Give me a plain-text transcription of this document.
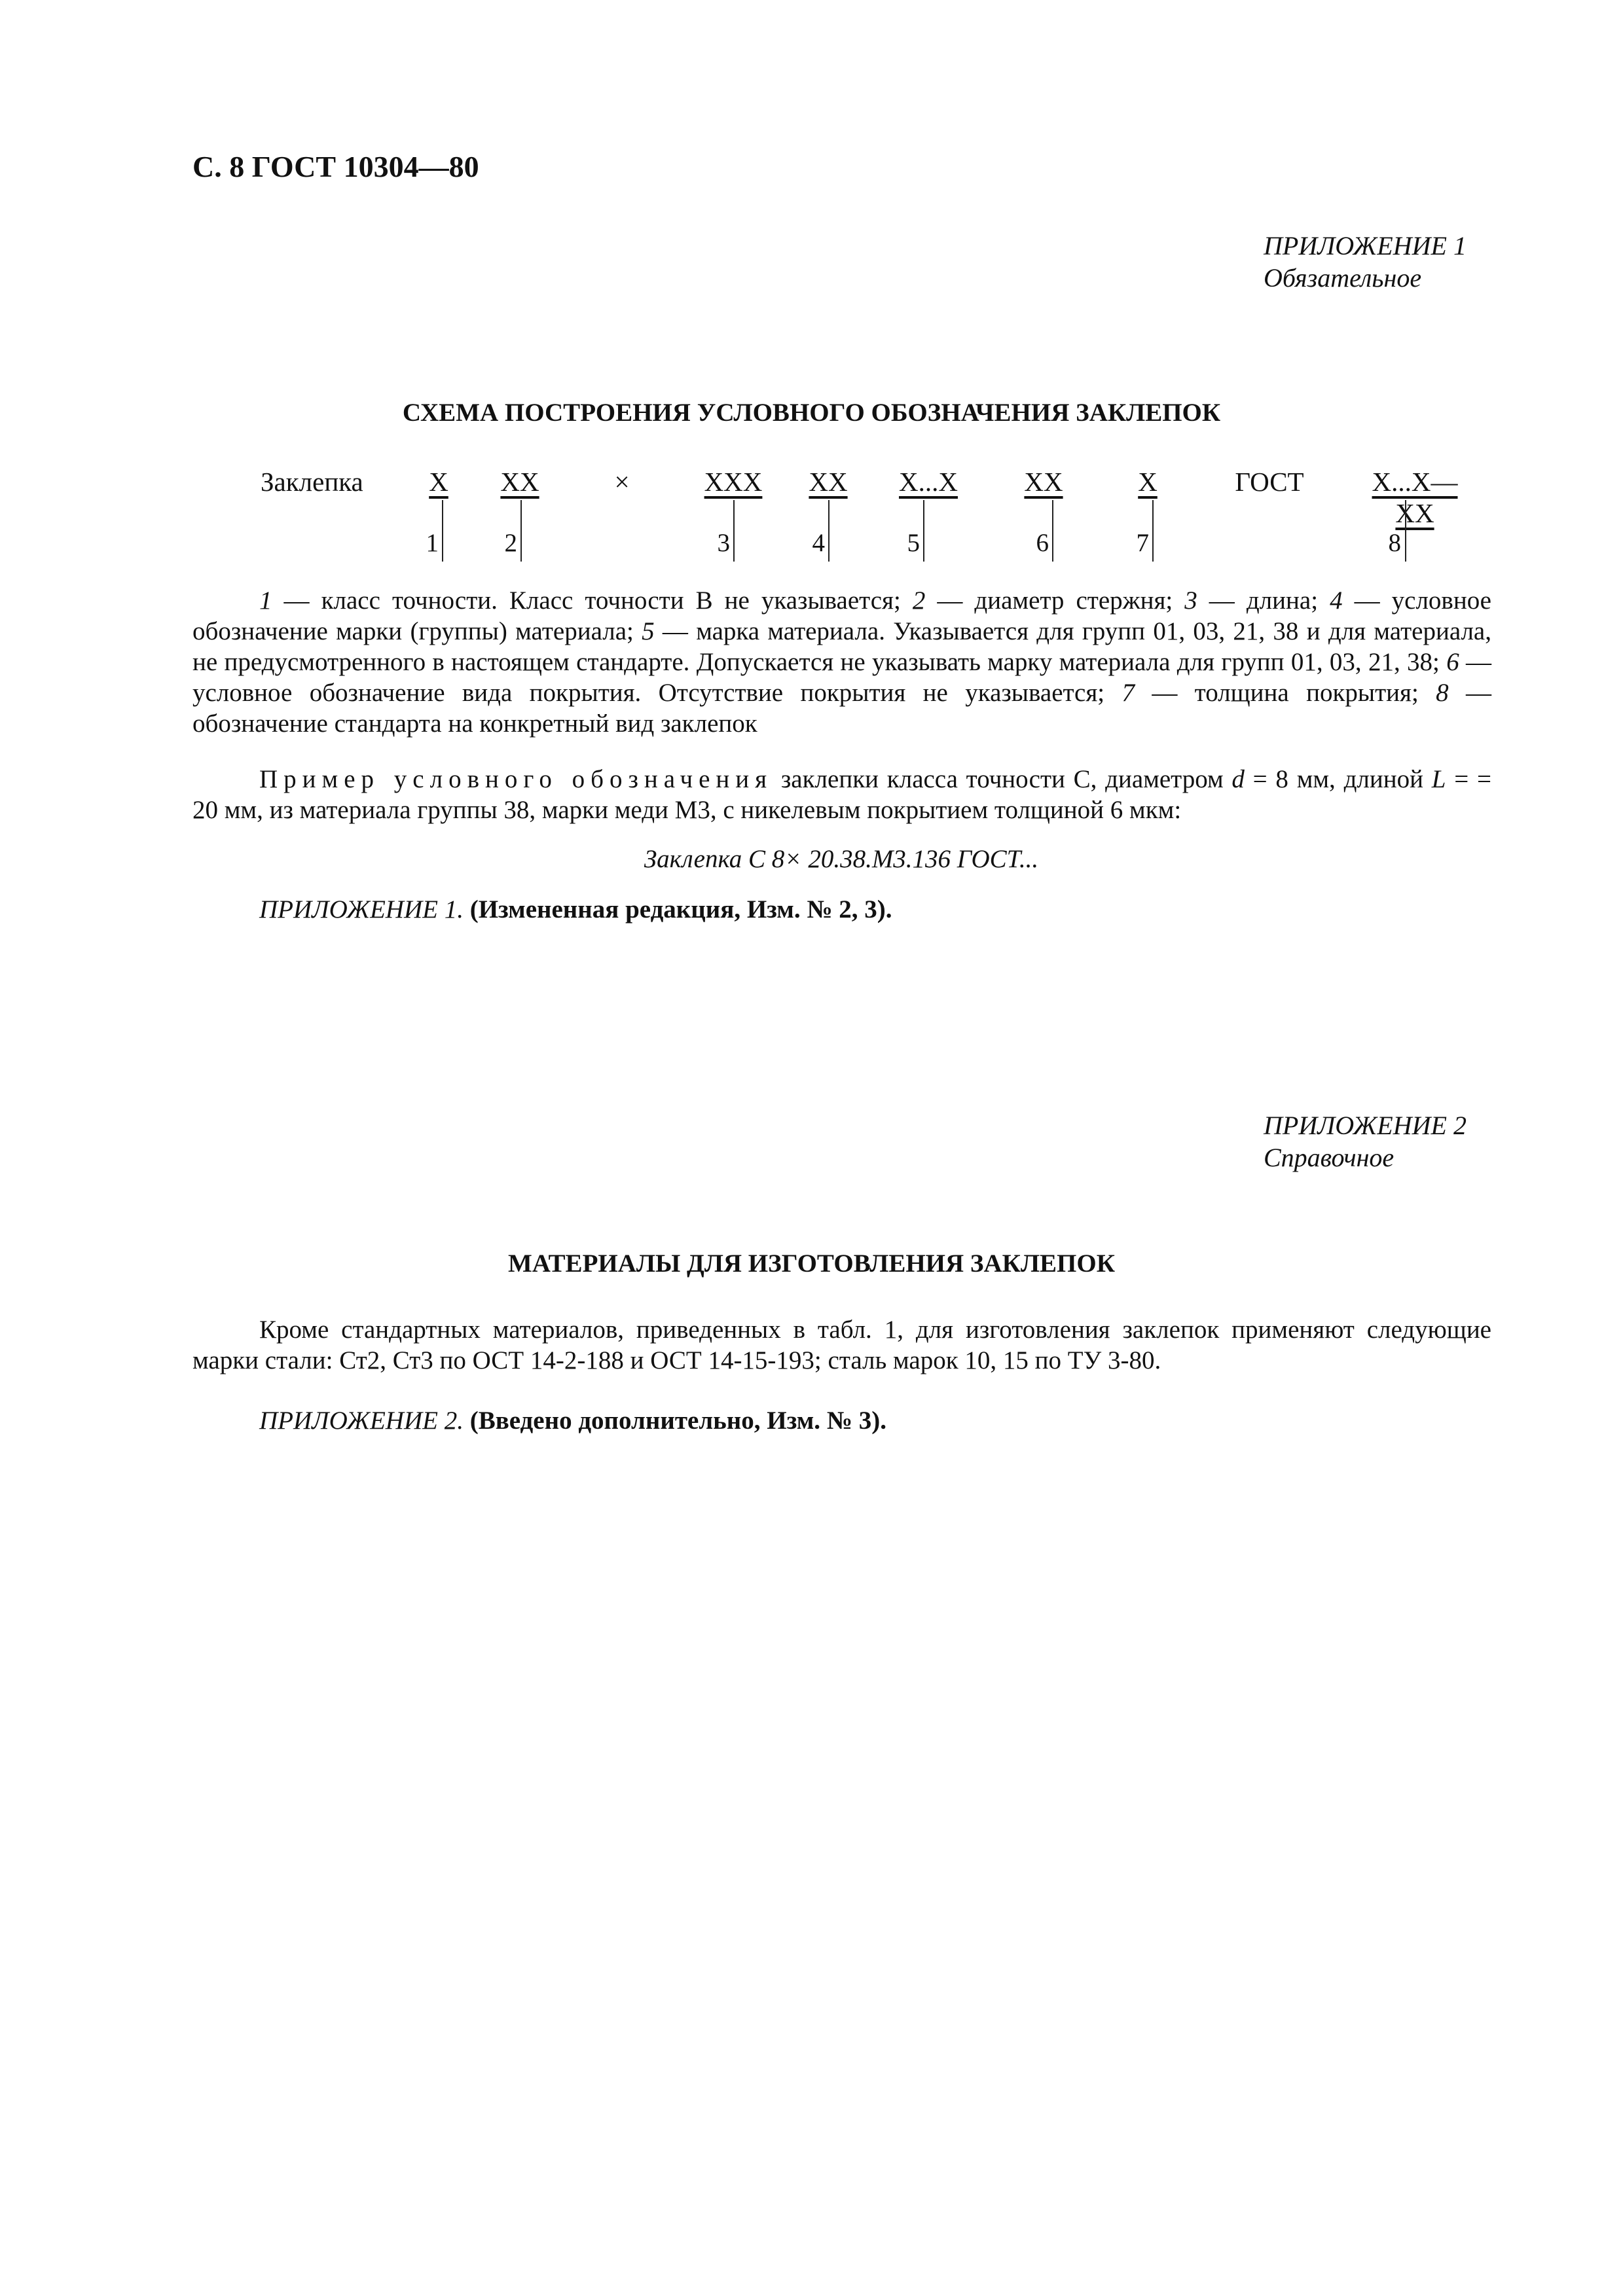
С. 8 ГОСТ 10304—80
ПРИЛОЖЕНИЕ 1
Обязательное
СХЕМА ПОСТРОЕНИЯ УСЛОВНОГО ОБОЗНАЧЕНИЯ ЗАКЛЕПОК
Заклепка	X	XX	×	XXX XX X...X XX	X	ГОСТ	X...X—XX
1	2	3	4	5	6	7	8
1 — класс точности. Класс точности В не указывается; 2 — диаметр стержня; 3 — длина; 4 — условное обозначение марки (группы) материала; 5 — марка материала. Указывается для групп 01, 03, 21, 38 и для материала, не предусмотренного в настоящем стандарте. Допускается не указывать марку материала для групп 01, 03, 21, 38; 6 — условное обозначение вида покрытия. Отсутствие покрытия не указывается; 7 — толщина покрытия; 8 — обозначение стандарта на конкретный вид заклепок
Пример условного обозначения заклепки класса точности С, диаметром d = 8 мм, длиной L = = 20 мм, из материала группы 38, марки меди М3, с никелевым покрытием толщиной 6 мкм:
Заклепка С 8× 20.38.М3.136 ГОСТ...
ПРИЛОЖЕНИЕ 1. (Измененная редакция, Изм. № 2, 3).
ПРИЛОЖЕНИЕ 2
Справочное
МАТЕРИАЛЫ ДЛЯ ИЗГОТОВЛЕНИЯ ЗАКЛЕПОК
Кроме стандартных материалов, приведенных в табл. 1, для изготовления заклепок применяют следующие марки стали: Ст2, Ст3 по ОСТ 14-2-188 и ОСТ 14-15-193; сталь марок 10, 15 по ТУ 3-80.
ПРИЛОЖЕНИЕ 2. (Введено дополнительно, Изм. № 3).
